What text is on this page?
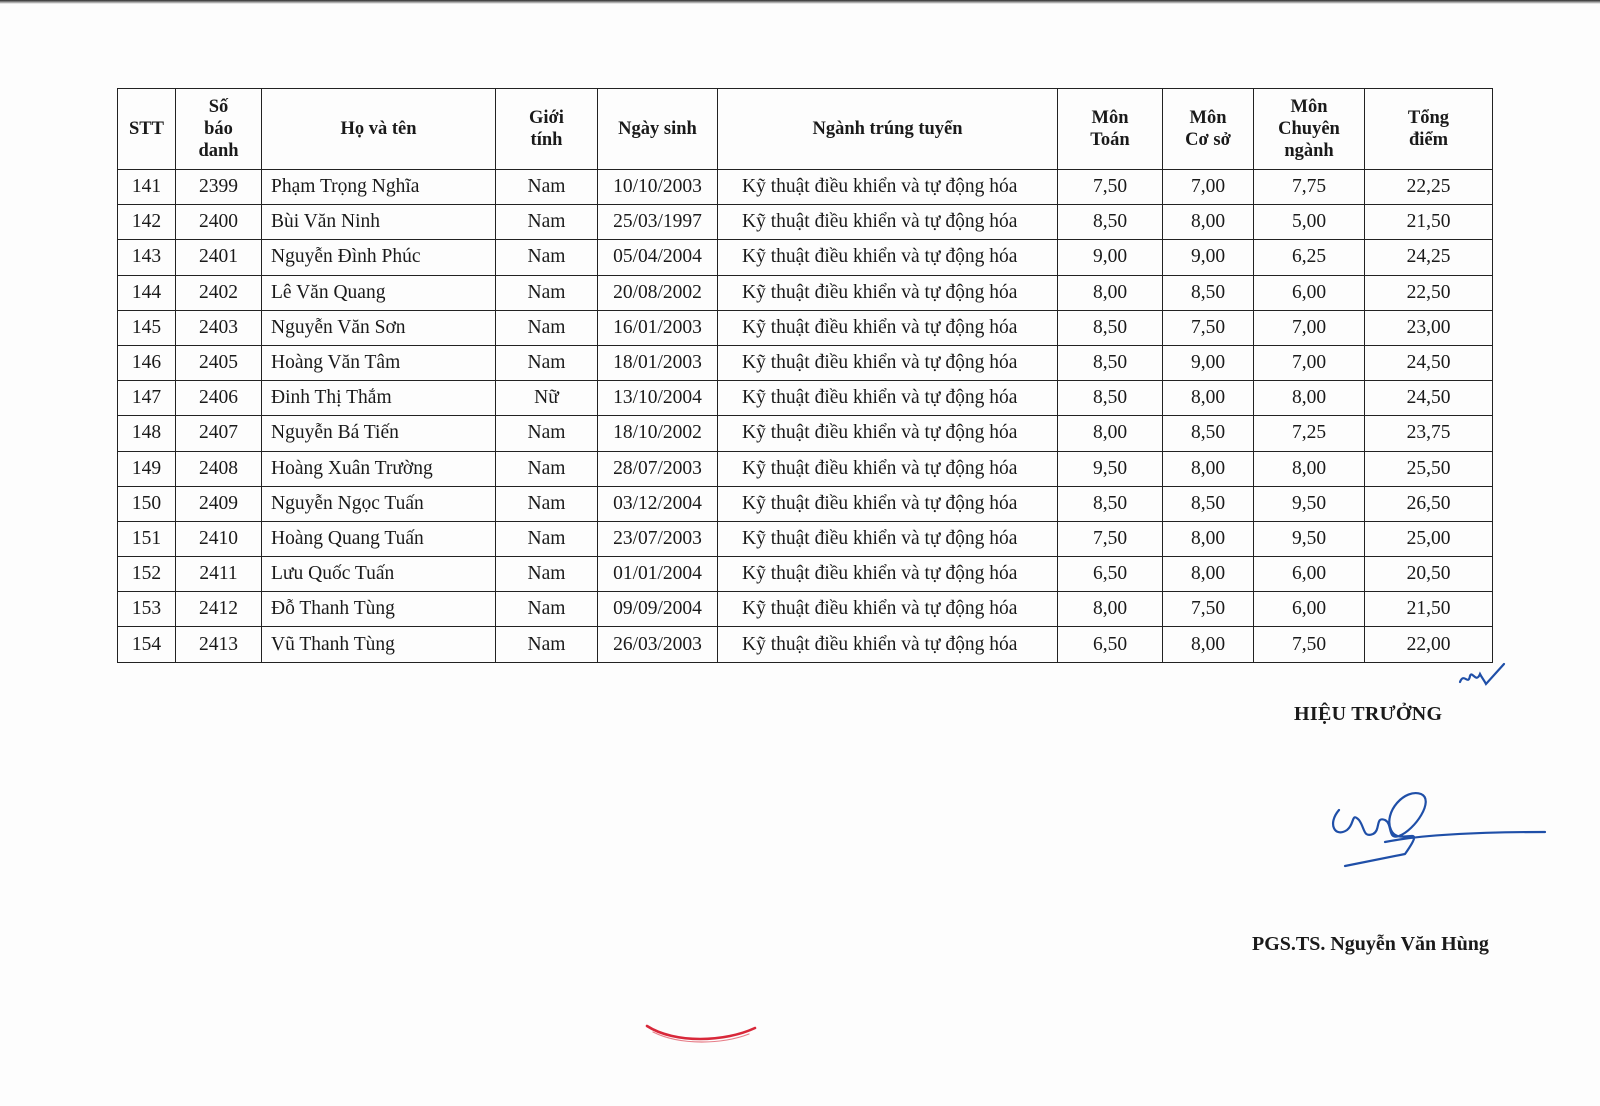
STT	Số
báo
danh	Họ và tên	Giới
tính	Ngày sinh	Ngành trúng tuyển	Môn
Toán	Môn
Cơ sở	Môn
Chuyên
ngành	Tổng
điểm
141	2399	Phạm Trọng Nghĩa	Nam	10/10/2003	Kỹ thuật điều khiển và tự động hóa	7,50	7,00	7,75	22,25
142	2400	Bùi Văn Ninh	Nam	25/03/1997	Kỹ thuật điều khiển và tự động hóa	8,50	8,00	5,00	21,50
143	2401	Nguyễn Đình Phúc	Nam	05/04/2004	Kỹ thuật điều khiển và tự động hóa	9,00	9,00	6,25	24,25
144	2402	Lê Văn Quang	Nam	20/08/2002	Kỹ thuật điều khiển và tự động hóa	8,00	8,50	6,00	22,50
145	2403	Nguyễn Văn Sơn	Nam	16/01/2003	Kỹ thuật điều khiển và tự động hóa	8,50	7,50	7,00	23,00
146	2405	Hoàng Văn Tâm	Nam	18/01/2003	Kỹ thuật điều khiển và tự động hóa	8,50	9,00	7,00	24,50
147	2406	Đinh Thị Thắm	Nữ	13/10/2004	Kỹ thuật điều khiển và tự động hóa	8,50	8,00	8,00	24,50
148	2407	Nguyễn Bá Tiến	Nam	18/10/2002	Kỹ thuật điều khiển và tự động hóa	8,00	8,50	7,25	23,75
149	2408	Hoàng Xuân Trường	Nam	28/07/2003	Kỹ thuật điều khiển và tự động hóa	9,50	8,00	8,00	25,50
150	2409	Nguyễn Ngọc Tuấn	Nam	03/12/2004	Kỹ thuật điều khiển và tự động hóa	8,50	8,50	9,50	26,50
151	2410	Hoàng Quang Tuấn	Nam	23/07/2003	Kỹ thuật điều khiển và tự động hóa	7,50	8,00	9,50	25,00
152	2411	Lưu Quốc Tuấn	Nam	01/01/2004	Kỹ thuật điều khiển và tự động hóa	6,50	8,00	6,00	20,50
153	2412	Đỗ Thanh Tùng	Nam	09/09/2004	Kỹ thuật điều khiển và tự động hóa	8,00	7,50	6,00	21,50
154	2413	Vũ Thanh Tùng	Nam	26/03/2003	Kỹ thuật điều khiển và tự động hóa	6,50	8,00	7,50	22,00
HIỆU TRƯỞNG
PGS.TS. Nguyễn Văn Hùng
